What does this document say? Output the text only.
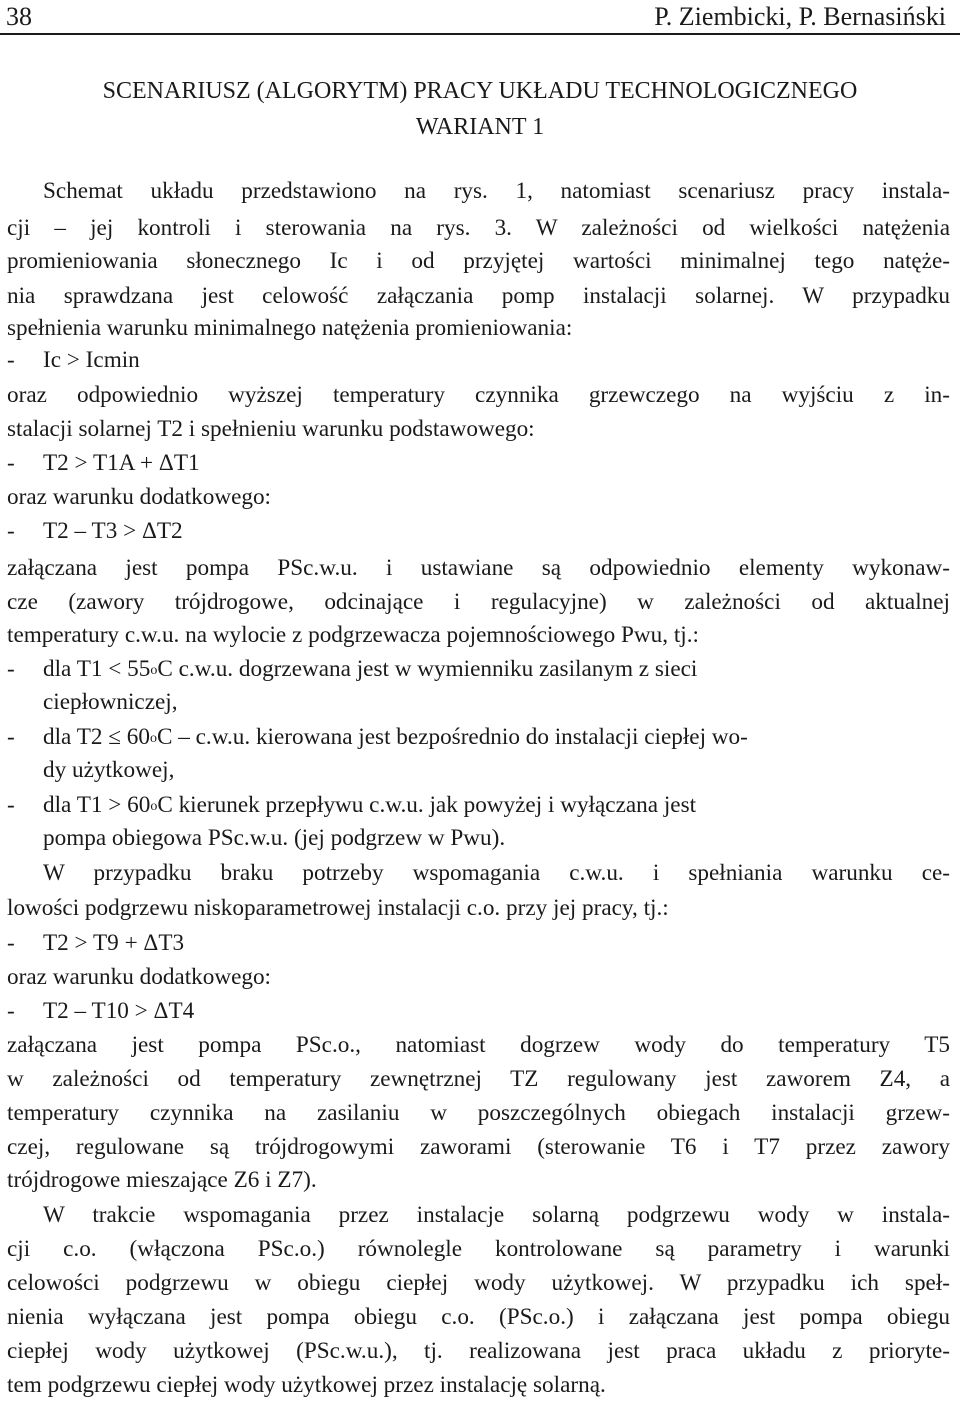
38	P. Ziembicki, P. Bernasiński
SCENARIUSZ (ALGORYTM) PRACY UKŁADU TECHNOLOGICZNEGO
WARIANT 1
Schemat układu przedstawiono na rys. 1, natomiast scenariusz pracy instala-
cji – jej kontroli i sterowania na rys. 3. W zależności od wielkości natężenia
promieniowania słonecznego Ic i od przyjętej wartości minimalnej tego natęże-
nia sprawdzana jest celowość załączania pomp instalacji solarnej. W przypadku
spełnienia warunku minimalnego natężenia promieniowania:
- Ic > Icmin
oraz odpowiednio wyższej temperatury czynnika grzewczego na wyjściu z in-
stalacji solarnej T2 i spełnieniu warunku podstawowego:
- T2 > T1A + ΔT1
oraz warunku dodatkowego:
- T2 – T3 > ΔT2
załączana jest pompa PSc.w.u. i ustawiane są odpowiednio elementy wykonaw-
cze (zawory trójdrogowe, odcinające i regulacyjne) w zależności od aktualnej
temperatury c.w.u. na wylocie z podgrzewacza pojemnościowego Pwu, tj.:
- dla $T1 < 55^oC$ c.w.u. dogrzewana jest w wymienniku zasilanym z sieci
ciepłowniczej,
- dla $T2 \le 60^oC - c.w.u$. kierowana jest bezpośrednio do instalacji ciepłej wo-
dy użytkowej,
- dla $T1 > 60^oC$ kierunek przepływu c.w.u. jak powyżej i wyłączana jest
pompa obiegowa PSc.w.u. (jej podgrzew w Pwu).
W przypadku braku potrzeby wspomagania c.w.u. i spełniania warunku ce-
lowości podgrzewu niskoparametrowej instalacji c.o. przy jej pracy, tj.:
- T2 > T9 + ΔT3
oraz warunku dodatkowego:
- T2 – T10 > ΔT4
załączana jest pompa PSc.o., natomiast dogrzew wody do temperatury T5
w zależności od temperatury zewnętrznej TZ regulowany jest zaworem Z4, a
temperatury czynnika na zasilaniu w poszczególnych obiegach instalacji grzew-
czej, regulowane są trójdrogowymi zaworami (sterowanie T6 i T7 przez zawory
trójdrogowe mieszające Z6 i Z7).
W trakcie wspomagania przez instalacje solarną podgrzewu wody w instala-
cji c.o. (włączona PSc.o.) równolegle kontrolowane są parametry i warunki
celowości podgrzewu w obiegu ciepłej wody użytkowej. W przypadku ich speł-
nienia wyłączana jest pompa obiegu c.o. (PSc.o.) i załączana jest pompa obiegu
ciepłej wody użytkowej (PSc.w.u.), tj. realizowana jest praca układu z priorytе-
tem podgrzewu ciepłej wody użytkowej przez instalację solarną.
